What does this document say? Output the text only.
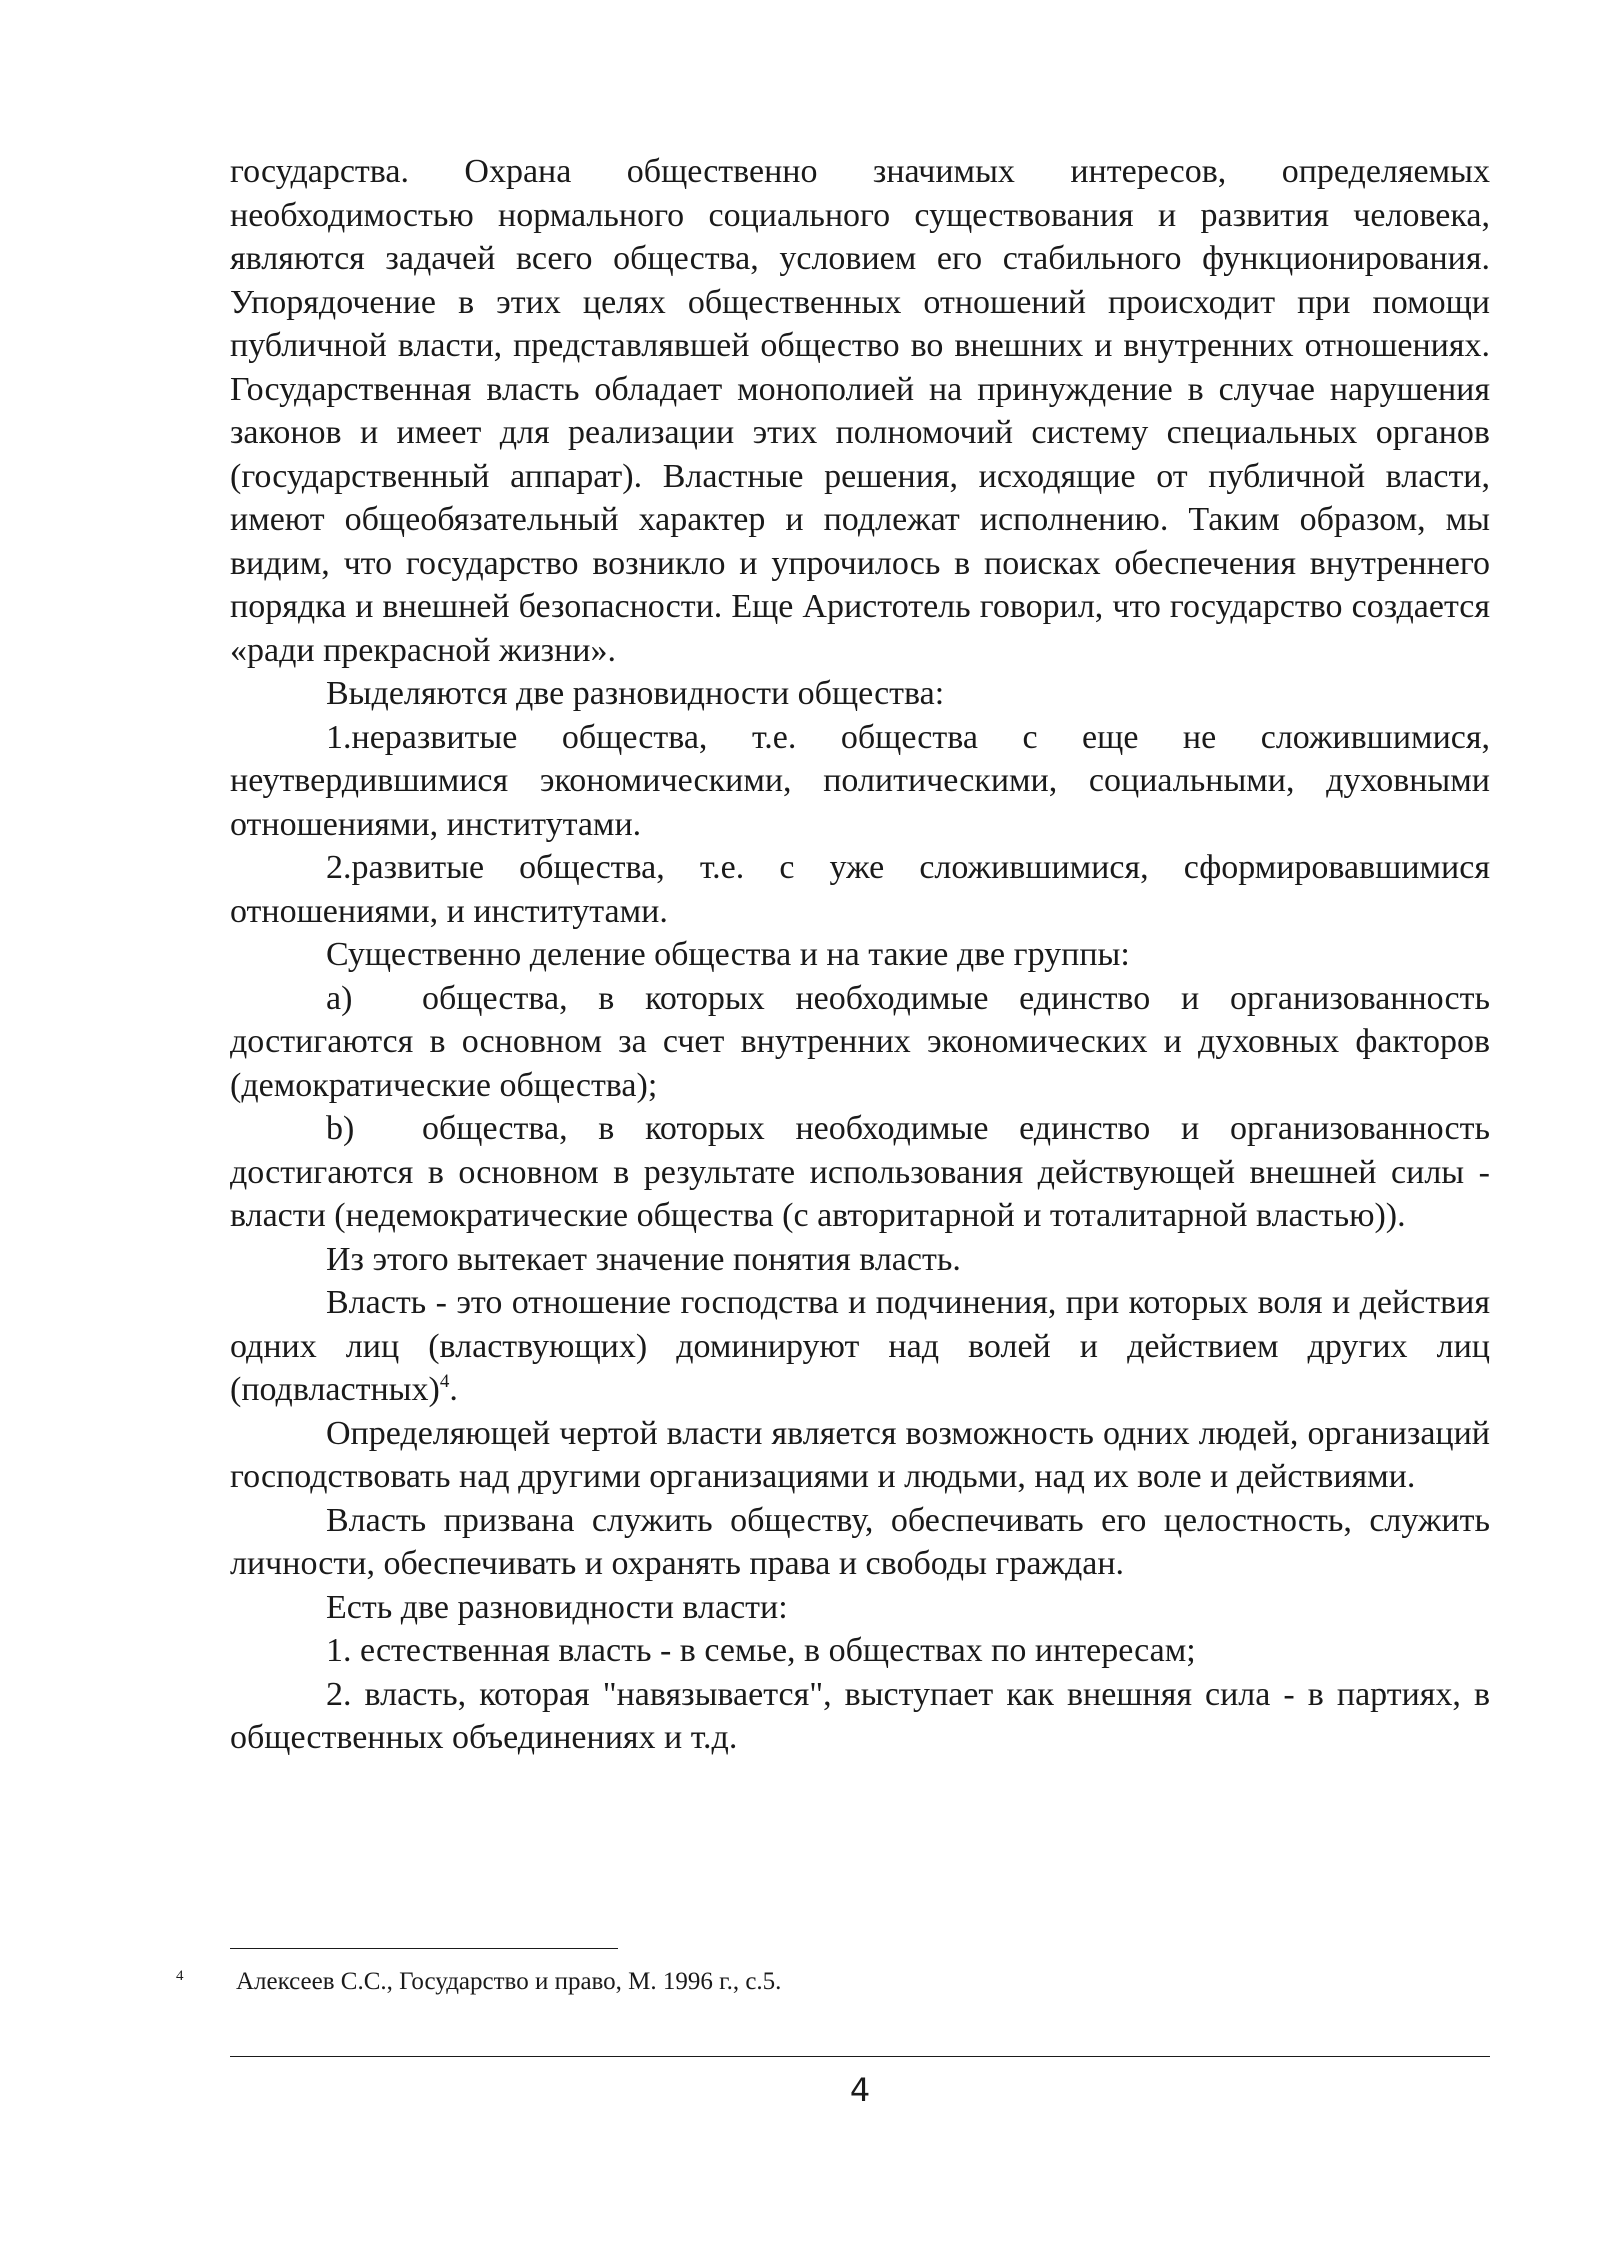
государства. Охрана общественно значимых интересов, определяемых необходимостью нормального социального существования и развития человека, являются задачей всего общества, условием его стабильного функционирования. Упорядочение в этих целях общественных отношений происходит при помощи публичной власти, представлявшей общество во внешних и внутренних отношениях. Государственная власть обладает монополией на принуждение в случае нарушения законов и имеет для реализации этих полномочий систему специальных органов (государственный аппарат). Властные решения, исходящие от публичной власти, имеют общеобязательный характер и подлежат исполнению. Таким образом, мы видим, что государство возникло и упрочилось в поисках обеспечения внутреннего порядка и внешней безопасности. Еще Аристотель говорил, что государство создается «ради прекрасной жизни».

Выделяются две разновидности общества:

1.неразвитые общества, т.е. общества с еще не сложившимися, неутвердившимися экономическими, политическими, социальными, духовными отношениями, институтами.

2.развитые общества, т.е. с уже сложившимися, сформировавшимися отношениями, и институтами.

Существенно деление общества и на такие две группы:

a) общества, в которых необходимые единство и организованность достигаются в основном за счет внутренних экономических и духовных факторов (демократические общества);

b) общества, в которых необходимые единство и организованность достигаются в основном в результате использования действующей внешней силы - власти (недемократические общества (с авторитарной и тоталитарной властью)).

Из этого вытекает значение понятия власть.

Власть - это отношение господства и подчинения, при которых воля и действия одних лиц (властвующих) доминируют над волей и действием других лиц (подвластных)$^4$.

Определяющей чертой власти является возможность одних людей, организаций господствовать над другими организациями и людьми, над их воле и действиями.

Власть призвана служить обществу, обеспечивать его целостность, служить личности, обеспечивать и охранять права и свободы граждан.

Есть две разновидности власти:

1. естественная власть - в семье, в обществах по интересам;

2. власть, которая "навязывается", выступает как внешняя сила - в партиях, в общественных объединениях и т.д.

4 Алексеев С.С., Государство и право, М. 1996 г., с.5.
4
